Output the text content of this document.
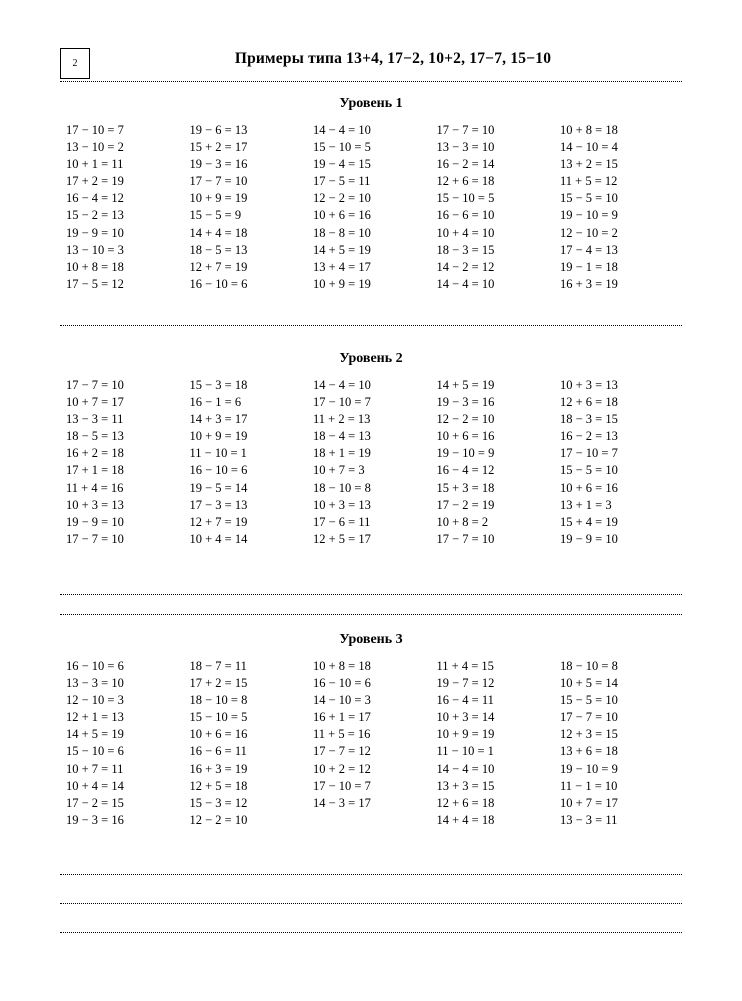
2	Примеры типа 13+4, 17−2, 10+2, 17−7, 15−10
Уровень 1
17 − 10 = 7
13 − 10 = 2
10 + 1 = 11
17 + 2 = 19
16 − 4 = 12
15 − 2 = 13
19 − 9 = 10
13 − 10 = 3
10 + 8 = 18
17 − 5 = 12
19 − 6 = 13
15 + 2 = 17
19 − 3 = 16
17 − 7 = 10
10 + 9 = 19
15 − 5 = 9
14 + 4 = 18
18 − 5 = 13
12 + 7 = 19
16 − 10 = 6
14 − 4 = 10
15 − 10 = 5
19 − 4 = 15
17 − 5 = 11
12 − 2 = 10
10 + 6 = 16
18 − 8 = 10
14 + 5 = 19
13 + 4 = 17
10 + 9 = 19
17 − 7 = 10
13 − 3 = 10
16 − 2 = 14
12 + 6 = 18
15 − 10 = 5
16 − 6 = 10
10 + 4 = 10
18 − 3 = 15
14 − 2 = 12
14 − 4 = 10
10 + 8 = 18
14 − 10 = 4
13 + 2 = 15
11 + 5 = 12
15 − 5 = 10
19 − 10 = 9
12 − 10 = 2
17 − 4 = 13
19 − 1 = 18
16 + 3 = 19
Уровень 2
17 − 7 = 10
10 + 7 = 17
13 − 3 = 11
18 − 5 = 13
16 + 2 = 18
17 + 1 = 18
11 + 4 = 16
10 + 3 = 13
19 − 9 = 10
17 − 7 = 10
15 − 3 = 18
16 − 1 = 6
14 + 3 = 17
10 + 9 = 19
11 − 10 = 1
16 − 10 = 6
19 − 5 = 14
17 − 3 = 13
12 + 7 = 19
10 + 4 = 14
14 − 4 = 10
17 − 10 = 7
11 + 2 = 13
18 − 4 = 13
18 + 1 = 19
10 + 7 = 3
18 − 10 = 8
10 + 3 = 13
17 − 6 = 11
12 + 5 = 17
14 + 5 = 19
19 − 3 = 16
12 − 2 = 10
10 + 6 = 16
19 − 10 = 9
16 − 4 = 12
15 + 3 = 18
17 − 2 = 19
10 + 8 = 2
17 − 7 = 10
10 + 3 = 13
12 + 6 = 18
18 − 3 = 15
16 − 2 = 13
17 − 10 = 7
15 − 5 = 10
10 + 6 = 16
13 + 1 = 3
15 + 4 = 19
19 − 9 = 10
Уровень 3
16 − 10 = 6
13 − 3 = 10
12 − 10 = 3
12 + 1 = 13
14 + 5 = 19
15 − 10 = 6
10 + 7 = 11
10 + 4 = 14
17 − 2 = 15
19 − 3 = 16
18 − 7 = 11
17 + 2 = 15
18 − 10 = 8
15 − 10 = 5
10 + 6 = 16
16 − 6 = 11
16 + 3 = 19
12 + 5 = 18
15 − 3 = 12
12 − 2 = 10
10 + 8 = 18
16 − 10 = 6
14 − 10 = 3
16 + 1 = 17
11 + 5 = 16
17 − 7 = 12
10 + 2 = 12
17 − 10 = 7
14 − 3 = 17
11 + 4 = 15
19 − 7 = 12
16 − 4 = 11
10 + 3 = 14
10 + 9 = 19
11 − 10 = 1
14 − 4 = 10
13 + 3 = 15
12 + 6 = 18
14 + 4 = 18
18 − 10 = 8
10 + 5 = 14
15 − 5 = 10
17 − 7 = 10
12 + 3 = 15
13 + 6 = 18
19 − 10 = 9
11 − 1 = 10
10 + 7 = 17
13 − 3 = 11
